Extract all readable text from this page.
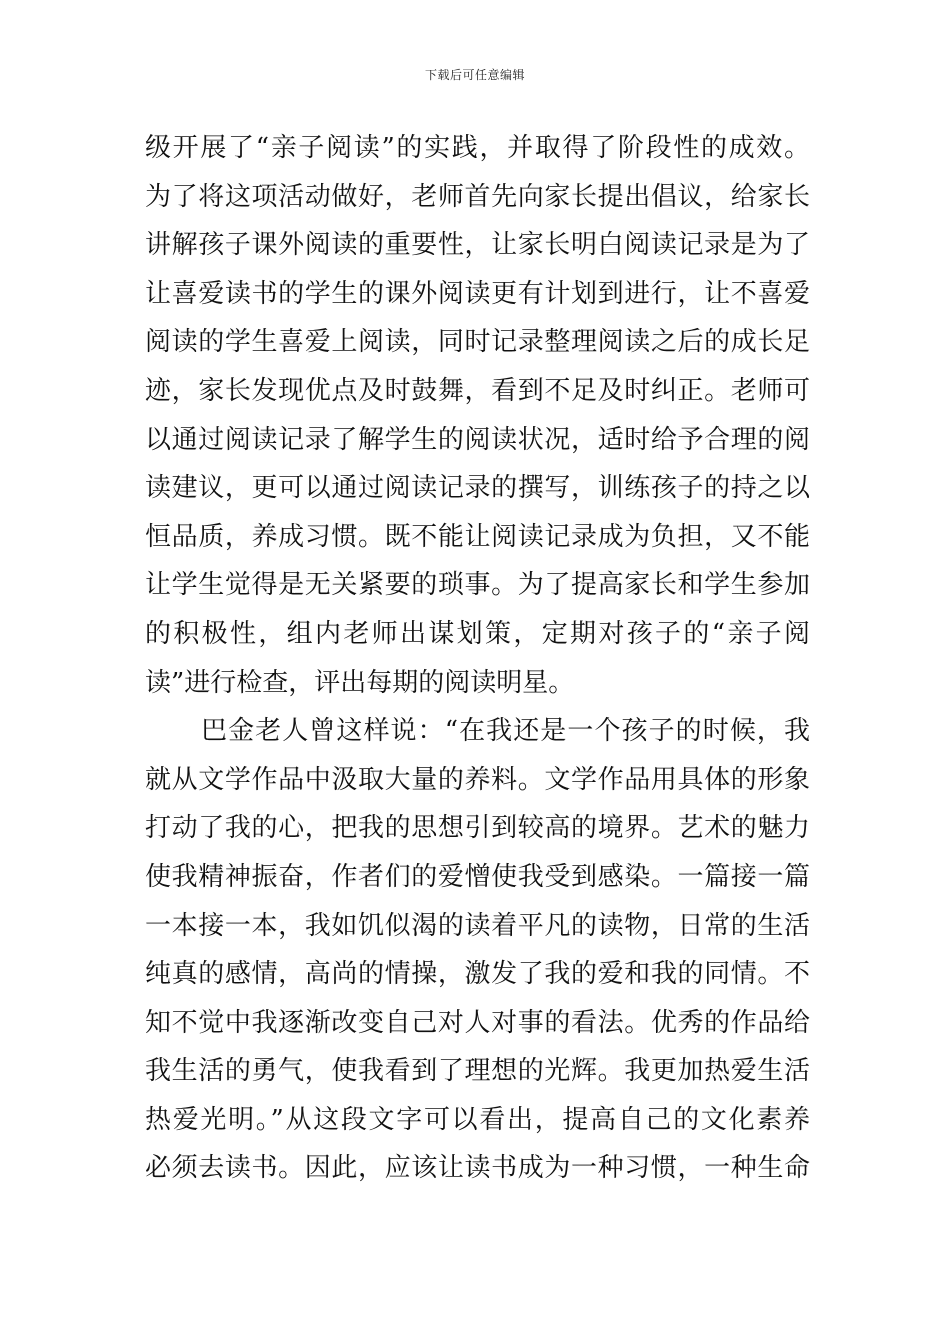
下载后可任意编辑
级开展了“亲子阅读”的实践，并取得了阶段性的成效。
为了将这项活动做好，老师首先向家长提出倡议，给家长
讲解孩子课外阅读的重要性，让家长明白阅读记录是为了
让喜爱读书的学生的课外阅读更有计划到进行，让不喜爱
阅读的学生喜爱上阅读，同时记录整理阅读之后的成长足
迹，家长发现优点及时鼓舞，看到不足及时纠正。老师可
以通过阅读记录了解学生的阅读状况，适时给予合理的阅
读建议，更可以通过阅读记录的撰写，训练孩子的持之以
恒品质，养成习惯。既不能让阅读记录成为负担，又不能
让学生觉得是无关紧要的琐事。为了提高家长和学生参加
的积极性，组内老师出谋划策，定期对孩子的“亲子阅
读”进行检查，评出每期的阅读明星。
巴金老人曾这样说：“在我还是一个孩子的时候，我
就从文学作品中汲取大量的养料。文学作品用具体的形象
打动了我的心，把我的思想引到较高的境界。艺术的魅力
使我精神振奋，作者们的爱憎使我受到感染。一篇接一篇
一本接一本，我如饥似渴的读着平凡的读物，日常的生活
纯真的感情，高尚的情操，激发了我的爱和我的同情。不
知不觉中我逐渐改变自己对人对事的看法。优秀的作品给
我生活的勇气，使我看到了理想的光辉。我更加热爱生活
热爱光明。”从这段文字可以看出，提高自己的文化素养
必须去读书。因此，应该让读书成为一种习惯，一种生命
